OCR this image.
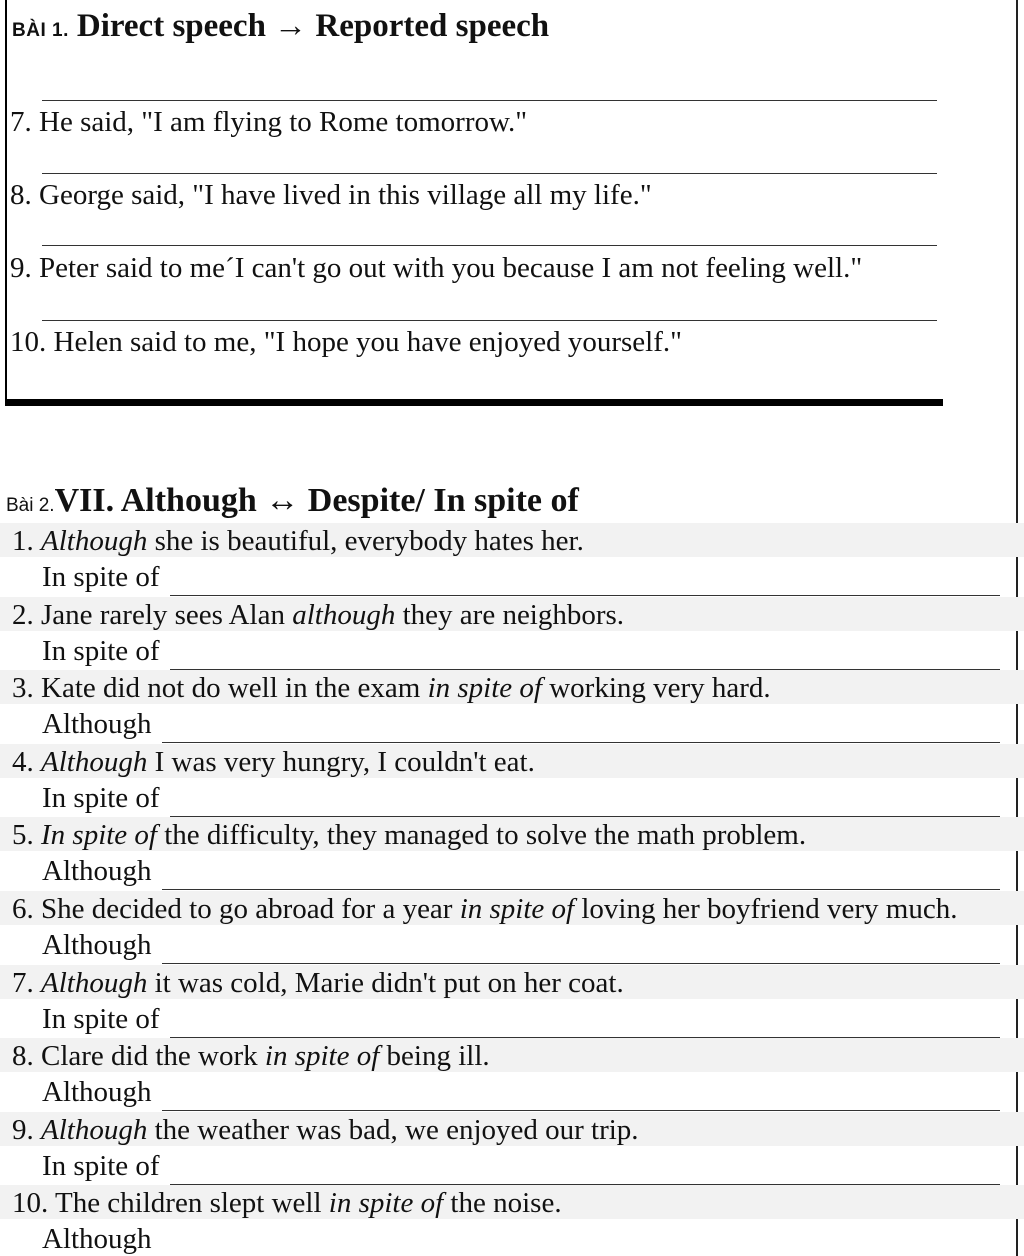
BÀI 1. Direct speech → Reported speech
7. He said, "I am flying to Rome tomorrow."
8. George said, "I have lived in this village all my life."
9. Peter said to me´I can't go out with you because I am not feeling well."
10. Helen said to me, "I hope you have enjoyed yourself."
Bài 2.VII. Although ↔ Despite/ In spite of
1. Although she is beautiful, everybody hates her.
In spite of
2. Jane rarely sees Alan although they are neighbors.
In spite of
3. Kate did not do well in the exam in spite of working very hard.
Although
4. Although I was very hungry, I couldn't eat.
In spite of
5. In spite of the difficulty, they managed to solve the math problem.
Although
6. She decided to go abroad for a year in spite of loving her boyfriend very much.
Although
7. Although it was cold, Marie didn't put on her coat.
In spite of
8. Clare did the work in spite of being ill.
Although
9. Although the weather was bad, we enjoyed our trip.
In spite of
10. The children slept well in spite of the noise.
Although
